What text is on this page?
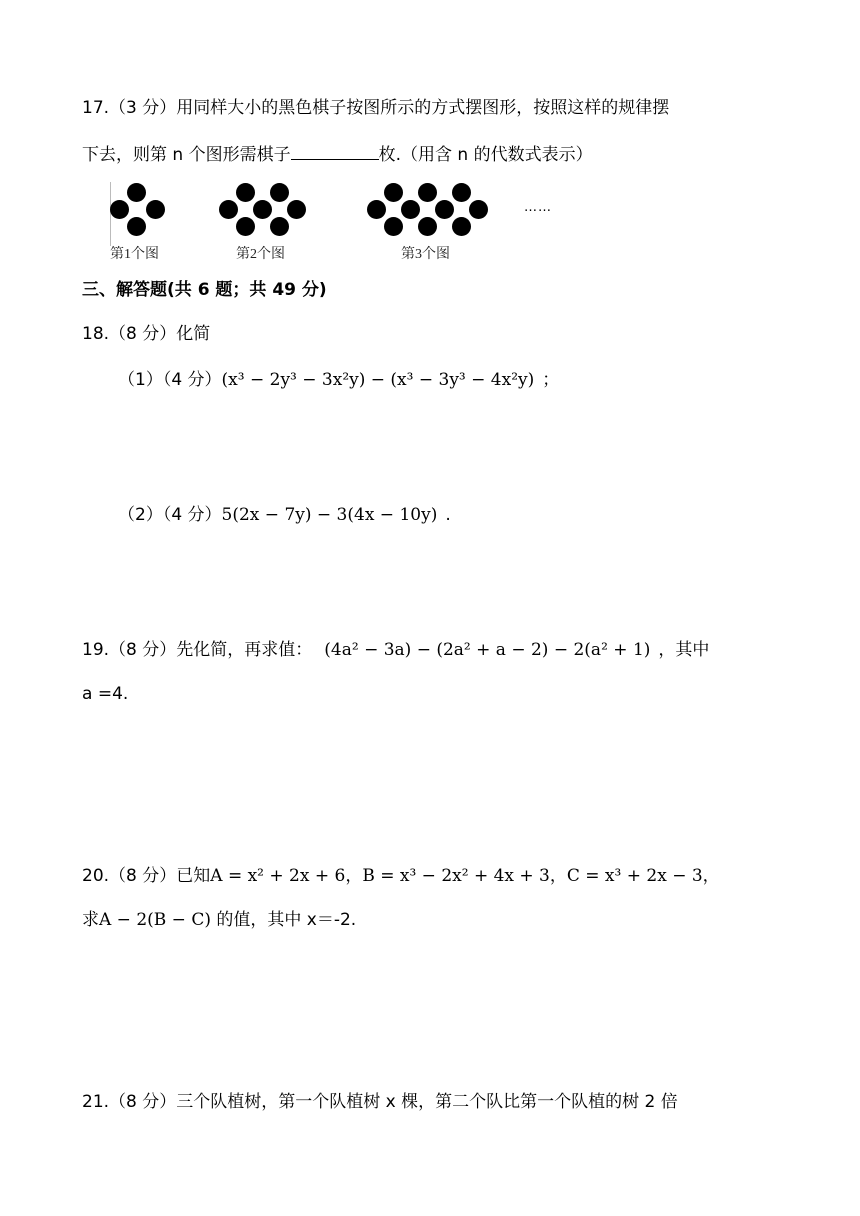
17.（3 分）用同样大小的黑色棋子按图所示的方式摆图形，按照这样的规律摆
下去，则第 n 个图形需棋子	枚.（用含 n 的代数式表示）
……
第1个图	第2个图	第3个图
三、解答题(共 6 题；共 49 分)
18.（8 分）化简
（1）（4 分）(x³ − 2y³ − 3x²y) − (x³ − 3y³ − 4x²y) ；
（2）（4 分）5(2x − 7y) − 3(4x − 10y) .
19.（8 分）先化简，再求值： (4a² − 3a) − (2a² + a − 2) − 2(a² + 1) ，其中
a =4.
20.（8 分）已知A = x² + 2x + 6，B = x³ − 2x² + 4x + 3，C = x³ + 2x − 3，
求A − 2(B − C) 的值，其中 x＝-2.
21.（8 分）三个队植树，第一个队植树 x 棵，第二个队比第一个队植的树 2 倍
